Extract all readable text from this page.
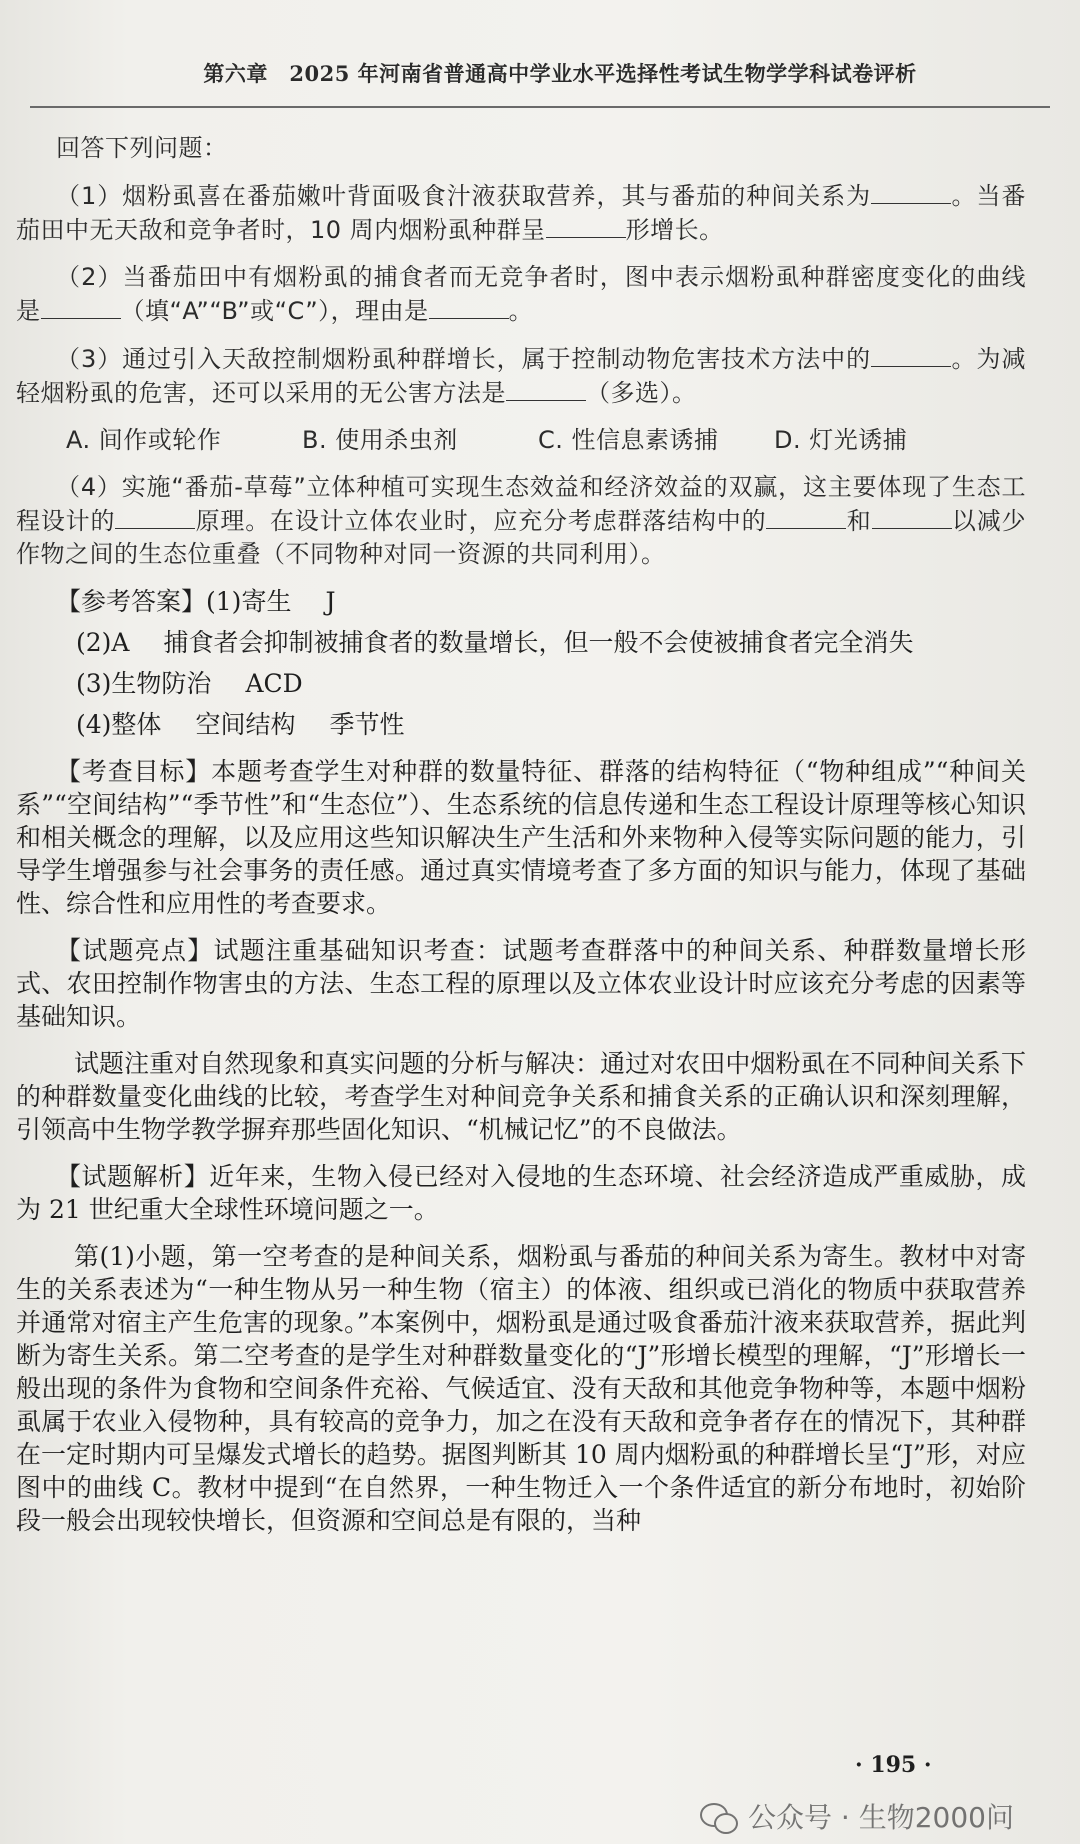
第六章　2025 年河南省普通高中学业水平选择性考试生物学学科试卷评析

回答下列问题：

（1）烟粉虱喜在番茄嫩叶背面吸食汁液获取营养，其与番茄的种间关系为	。当番茄田中无天敌和竞争者时，10 周内烟粉虱种群呈	形增长。

（2）当番茄田中有烟粉虱的捕食者而无竞争者时，图中表示烟粉虱种群密度变化的曲线是	（填“A”“B”或“C”），理由是	。

（3）通过引入天敌控制烟粉虱种群增长，属于控制动物危害技术方法中的	。为减轻烟粉虱的危害，还可以采用的无公害方法是	（多选）。

A. 间作或轮作	B. 使用杀虫剂	C. 性信息素诱捕	D. 灯光诱捕

（4）实施“番茄-草莓”立体种植可实现生态效益和经济效益的双赢，这主要体现了生态工程设计的	原理。在设计立体农业时，应充分考虑群落结构中的	和	以减少作物之间的生态位重叠（不同物种对同一资源的共同利用）。

【参考答案】(1)寄生 J

(2)A 捕食者会抑制被捕食者的数量增长，但一般不会使被捕食者完全消失

(3)生物防治 ACD

(4)整体 空间结构 季节性

【考查目标】本题考查学生对种群的数量特征、群落的结构特征（“物种组成”“种间关系”“空间结构”“季节性”和“生态位”）、生态系统的信息传递和生态工程设计原理等核心知识和相关概念的理解，以及应用这些知识解决生产生活和外来物种入侵等实际问题的能力，引导学生增强参与社会事务的责任感。通过真实情境考查了多方面的知识与能力，体现了基础性、综合性和应用性的考查要求。

【试题亮点】试题注重基础知识考查：试题考查群落中的种间关系、种群数量增长形式、农田控制作物害虫的方法、生态工程的原理以及立体农业设计时应该充分考虑的因素等基础知识。

试题注重对自然现象和真实问题的分析与解决：通过对农田中烟粉虱在不同种间关系下的种群数量变化曲线的比较，考查学生对种间竞争关系和捕食关系的正确认识和深刻理解，引领高中生物学教学摒弃那些固化知识、“机械记忆”的不良做法。

【试题解析】近年来，生物入侵已经对入侵地的生态环境、社会经济造成严重威胁，成为 21 世纪重大全球性环境问题之一。

第(1)小题，第一空考查的是种间关系，烟粉虱与番茄的种间关系为寄生。教材中对寄生的关系表述为“一种生物从另一种生物（宿主）的体液、组织或已消化的物质中获取营养并通常对宿主产生危害的现象。”本案例中，烟粉虱是通过吸食番茄汁液来获取营养，据此判断为寄生关系。第二空考查的是学生对种群数量变化的“J”形增长模型的理解，“J”形增长一般出现的条件为食物和空间条件充裕、气候适宜、没有天敌和其他竞争物种等，本题中烟粉虱属于农业入侵物种，具有较高的竞争力，加之在没有天敌和竞争者存在的情况下，其种群在一定时期内可呈爆发式增长的趋势。据图判断其 10 周内烟粉虱的种群增长呈“J”形，对应图中的曲线 C。教材中提到“在自然界，一种生物迁入一个条件适宜的新分布地时，初始阶段一般会出现较快增长，但资源和空间总是有限的，当种

· 195 ·
公众号 · 生物2000问
